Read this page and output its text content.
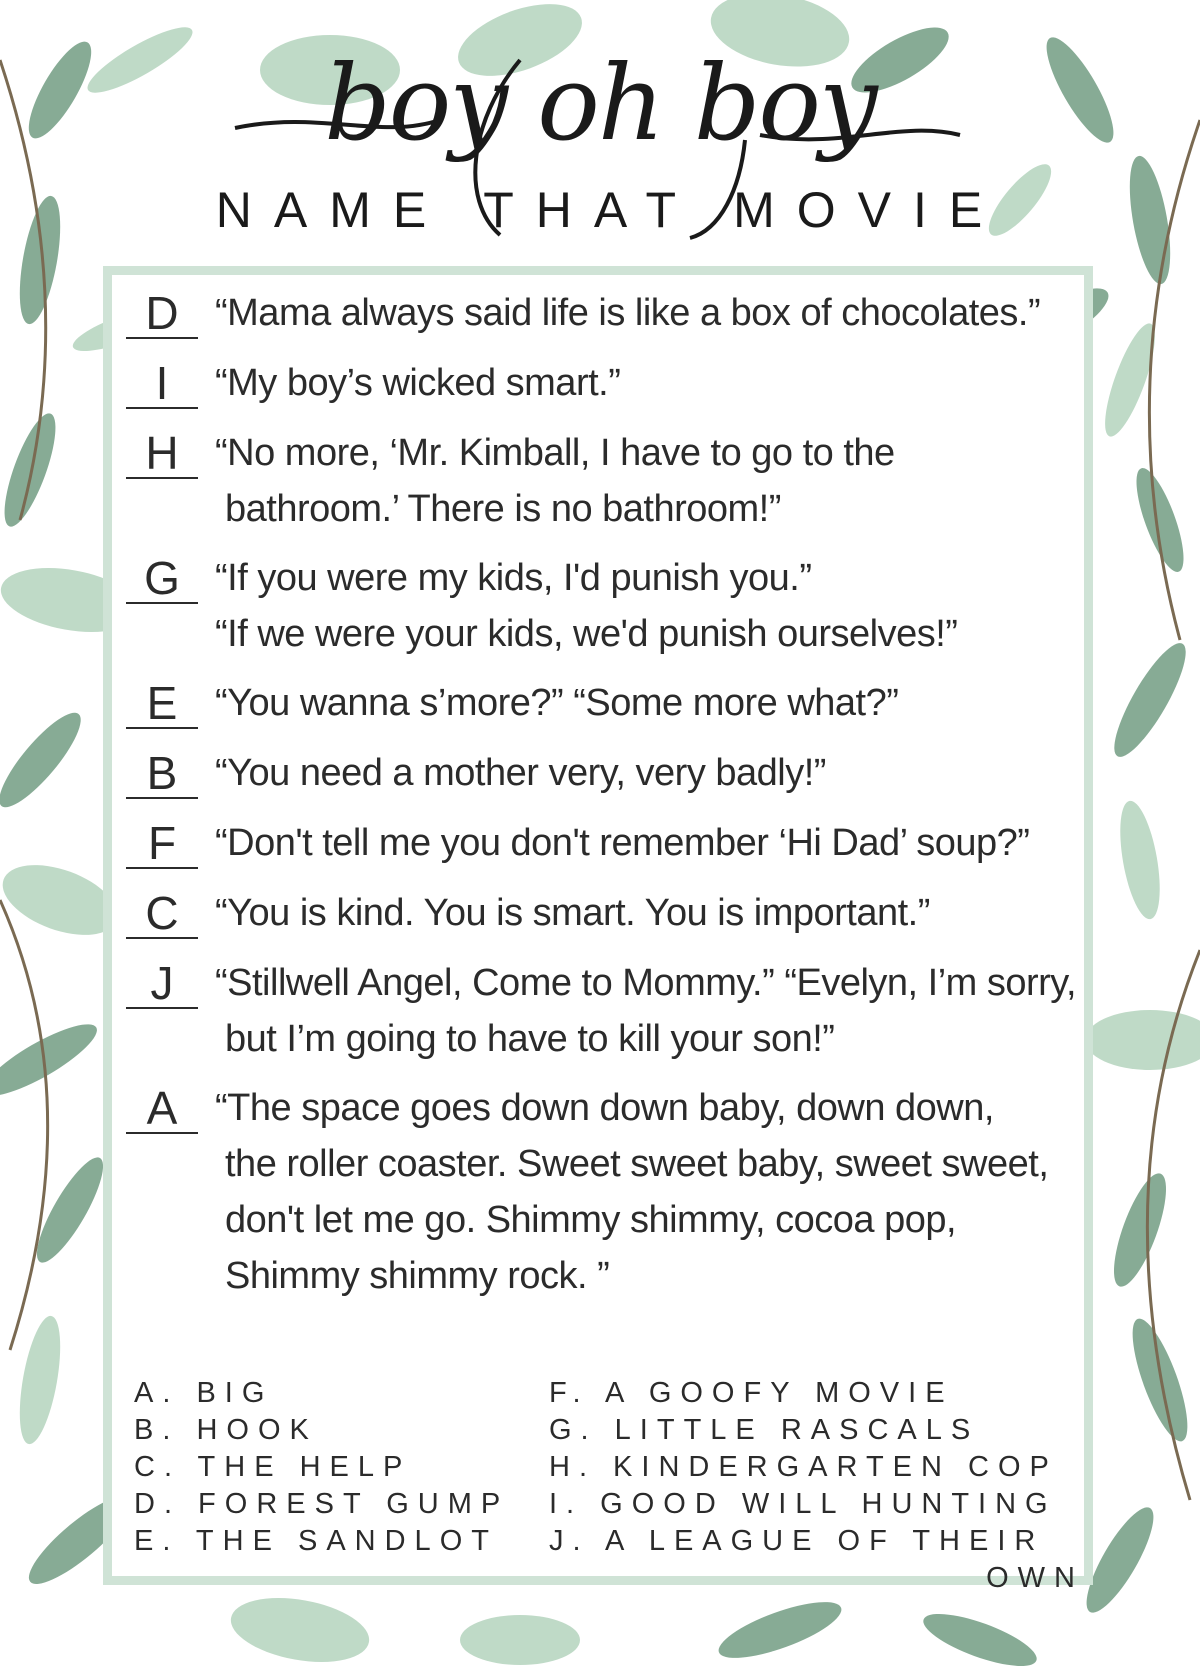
boy oh boy
NAME THAT MOVIE
D “Mama always said life is like a box of chocolates.”
I	“My boy’s wicked smart.”
H “No more, ‘Mr. Kimball, I have to go to the
bathroom.’ There is no bathroom!”
G “If you were my kids, I'd punish you.”
“If we were your kids, we'd punish ourselves!”
E “You wanna s’more?” “Some more what?”
B “You need a mother very, very badly!”
F	“Don't tell me you don't remember ‘Hi Dad’ soup?”
C “You is kind. You is smart. You is important.”
J	“Stillwell Angel, Come to Mommy.” “Evelyn, I’m sorry,
but I’m going to have to kill your son!”
A “The space goes down down baby, down down,
the roller coaster. Sweet sweet baby, sweet sweet,
don't let me go. Shimmy shimmy, cocoa pop,
Shimmy shimmy rock. ”
A. BIG
B. HOOK
C. THE HELP
D. FOREST GUMP
E. THE SANDLOT
F. A GOOFY MOVIE
G. LITTLE RASCALS
H. KINDERGARTEN COP
I. GOOD WILL HUNTING
J. A LEAGUE OF THEIR
OWN
